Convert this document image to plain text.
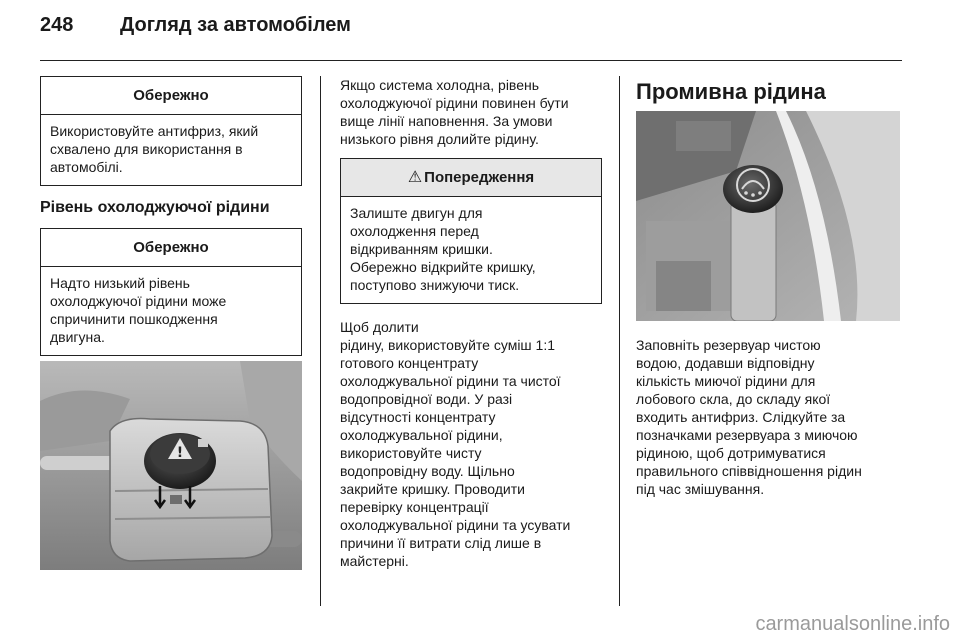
248 Догляд за автомобілем
Обережно
Використовуйте антифриз, який
схвалено для використання в
автомобілі.
Рівень охолоджуючої рідини
Обережно
Надто низький рівень
охолоджуючої рідини може
спричинити пошкодження
двигуна.
!
Якщо система холодна, рівень
охолоджуючої рідини повинен бути
вище лінії наповнення. За умови
низького рівня долийте рідину.
⚠ Попередження
Залиште двигун для
охолодження перед
відкриванням кришки.
Обережно відкрийте кришку,
поступово знижуючи тиск.
Щоб долити
рідину, використовуйте суміш 1:1
готового концентрату
охолоджувальної рідини та чистої
водопровідної води. У разі
відсутності концентрату
охолоджувальної рідини,
використовуйте чисту
водопровідну воду. Щільно
закрийте кришку. Проводити
перевірку концентрації
охолоджувальної рідини та усувати
причини її витрати слід лише в
майстерні.
Промивна рідина
Заповніть резервуар чистою
водою, додавши відповідну
кількість миючої рідини для
лобового скла, до складу якої
входить антифриз. Слідкуйте за
позначками резервуара з миючою
рідиною, щоб дотримуватися
правильного співвідношення рідин
під час змішування.
carmanualsonline.info
